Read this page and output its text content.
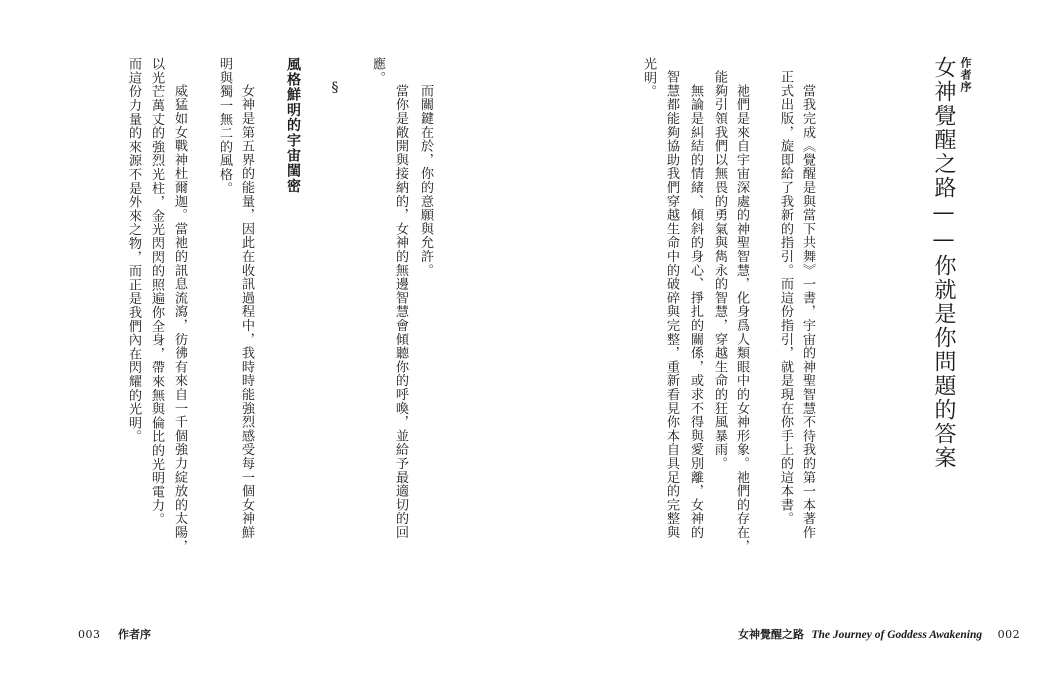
作者序
女神覺醒之路——你就是你問題的答案
　當我完成《覺醒是與當下共舞》一書，宇宙的神聖智慧不待我的第一本著作
正式出版，旋即給了我新的指引。而這份指引，就是現在你手上的這本書。
　祂們是來自宇宙深處的神聖智慧，化身爲人類眼中的女神形象。祂們的存在，
能夠引領我們以無畏的勇氣與雋永的智慧，穿越生命的狂風暴雨。
　無論是糾結的情緒、傾斜的身心、掙扎的關係，或求不得與愛別離，女神的
智慧都能夠協助我們穿越生命中的破碎與完整，重新看見你本自具足的完整與
光明。
　而關鍵在於，你的意願與允許。
　當你是敞開與接納的，女神的無邊智慧會傾聽你的呼喚，並給予最適切的回
應。
§
風格鮮明的宇宙閨密
　女神是第五界的能量，因此在收訊過程中，我時時能強烈感受每一個女神鮮
明與獨一無二的風格。
　威猛如女戰神杜爾迦。當祂的訊息流瀉，彷彿有來自一千個強力綻放的太陽，
以光芒萬丈的強烈光柱，金光閃閃的照遍你全身，帶來無與倫比的光明電力。
而這份力量的來源不是外來之物，而正是我們內在閃耀的光明。
003 作者序	女神覺醒之路 The Journey of Goddess Awakening 002
